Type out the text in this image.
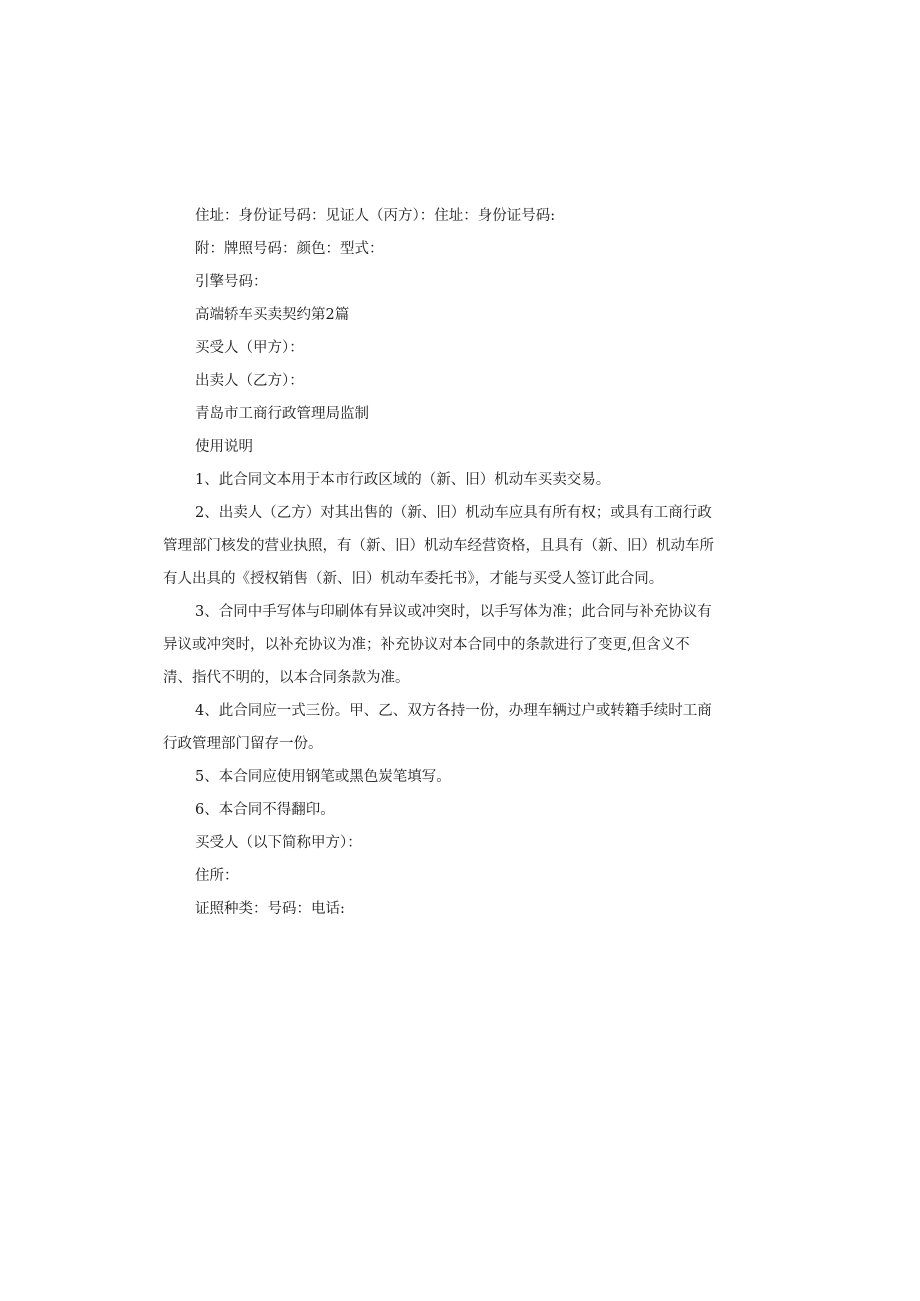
住址：身份证号码：见证人（丙方）：住址：身份证号码:

附：牌照号码：颜色：型式：

引擎号码：

高端轿车买卖契约第2篇

买受人（甲方）：

出卖人（乙方）：

青岛市工商行政管理局监制

使用说明

1、此合同文本用于本市行政区域的（新、旧）机动车买卖交易。
2、出卖人（乙方）对其出售的（新、旧）机动车应具有所有权；或具有工商行政
管理部门核发的营业执照，有（新、旧）机动车经营资格，且具有（新、旧）机动车所
有人出具的《授权销售（新、旧）机动车委托书》，才能与买受人签订此合同。
3、合同中手写体与印刷体有异议或冲突时，以手写体为准；此合同与补充协议有
异议或冲突时，以补充协议为准；补充协议对本合同中的条款进行了变更,但含义不
清、指代不明的，以本合同条款为准。
4、此合同应一式三份。甲、乙、双方各持一份，办理车辆过户或转籍手续时工商
行政管理部门留存一份。
5、本合同应使用钢笔或黑色炭笔填写。
6、本合同不得翻印。

买受人（以下简称甲方）：

住所：

证照种类：号码：电话:
